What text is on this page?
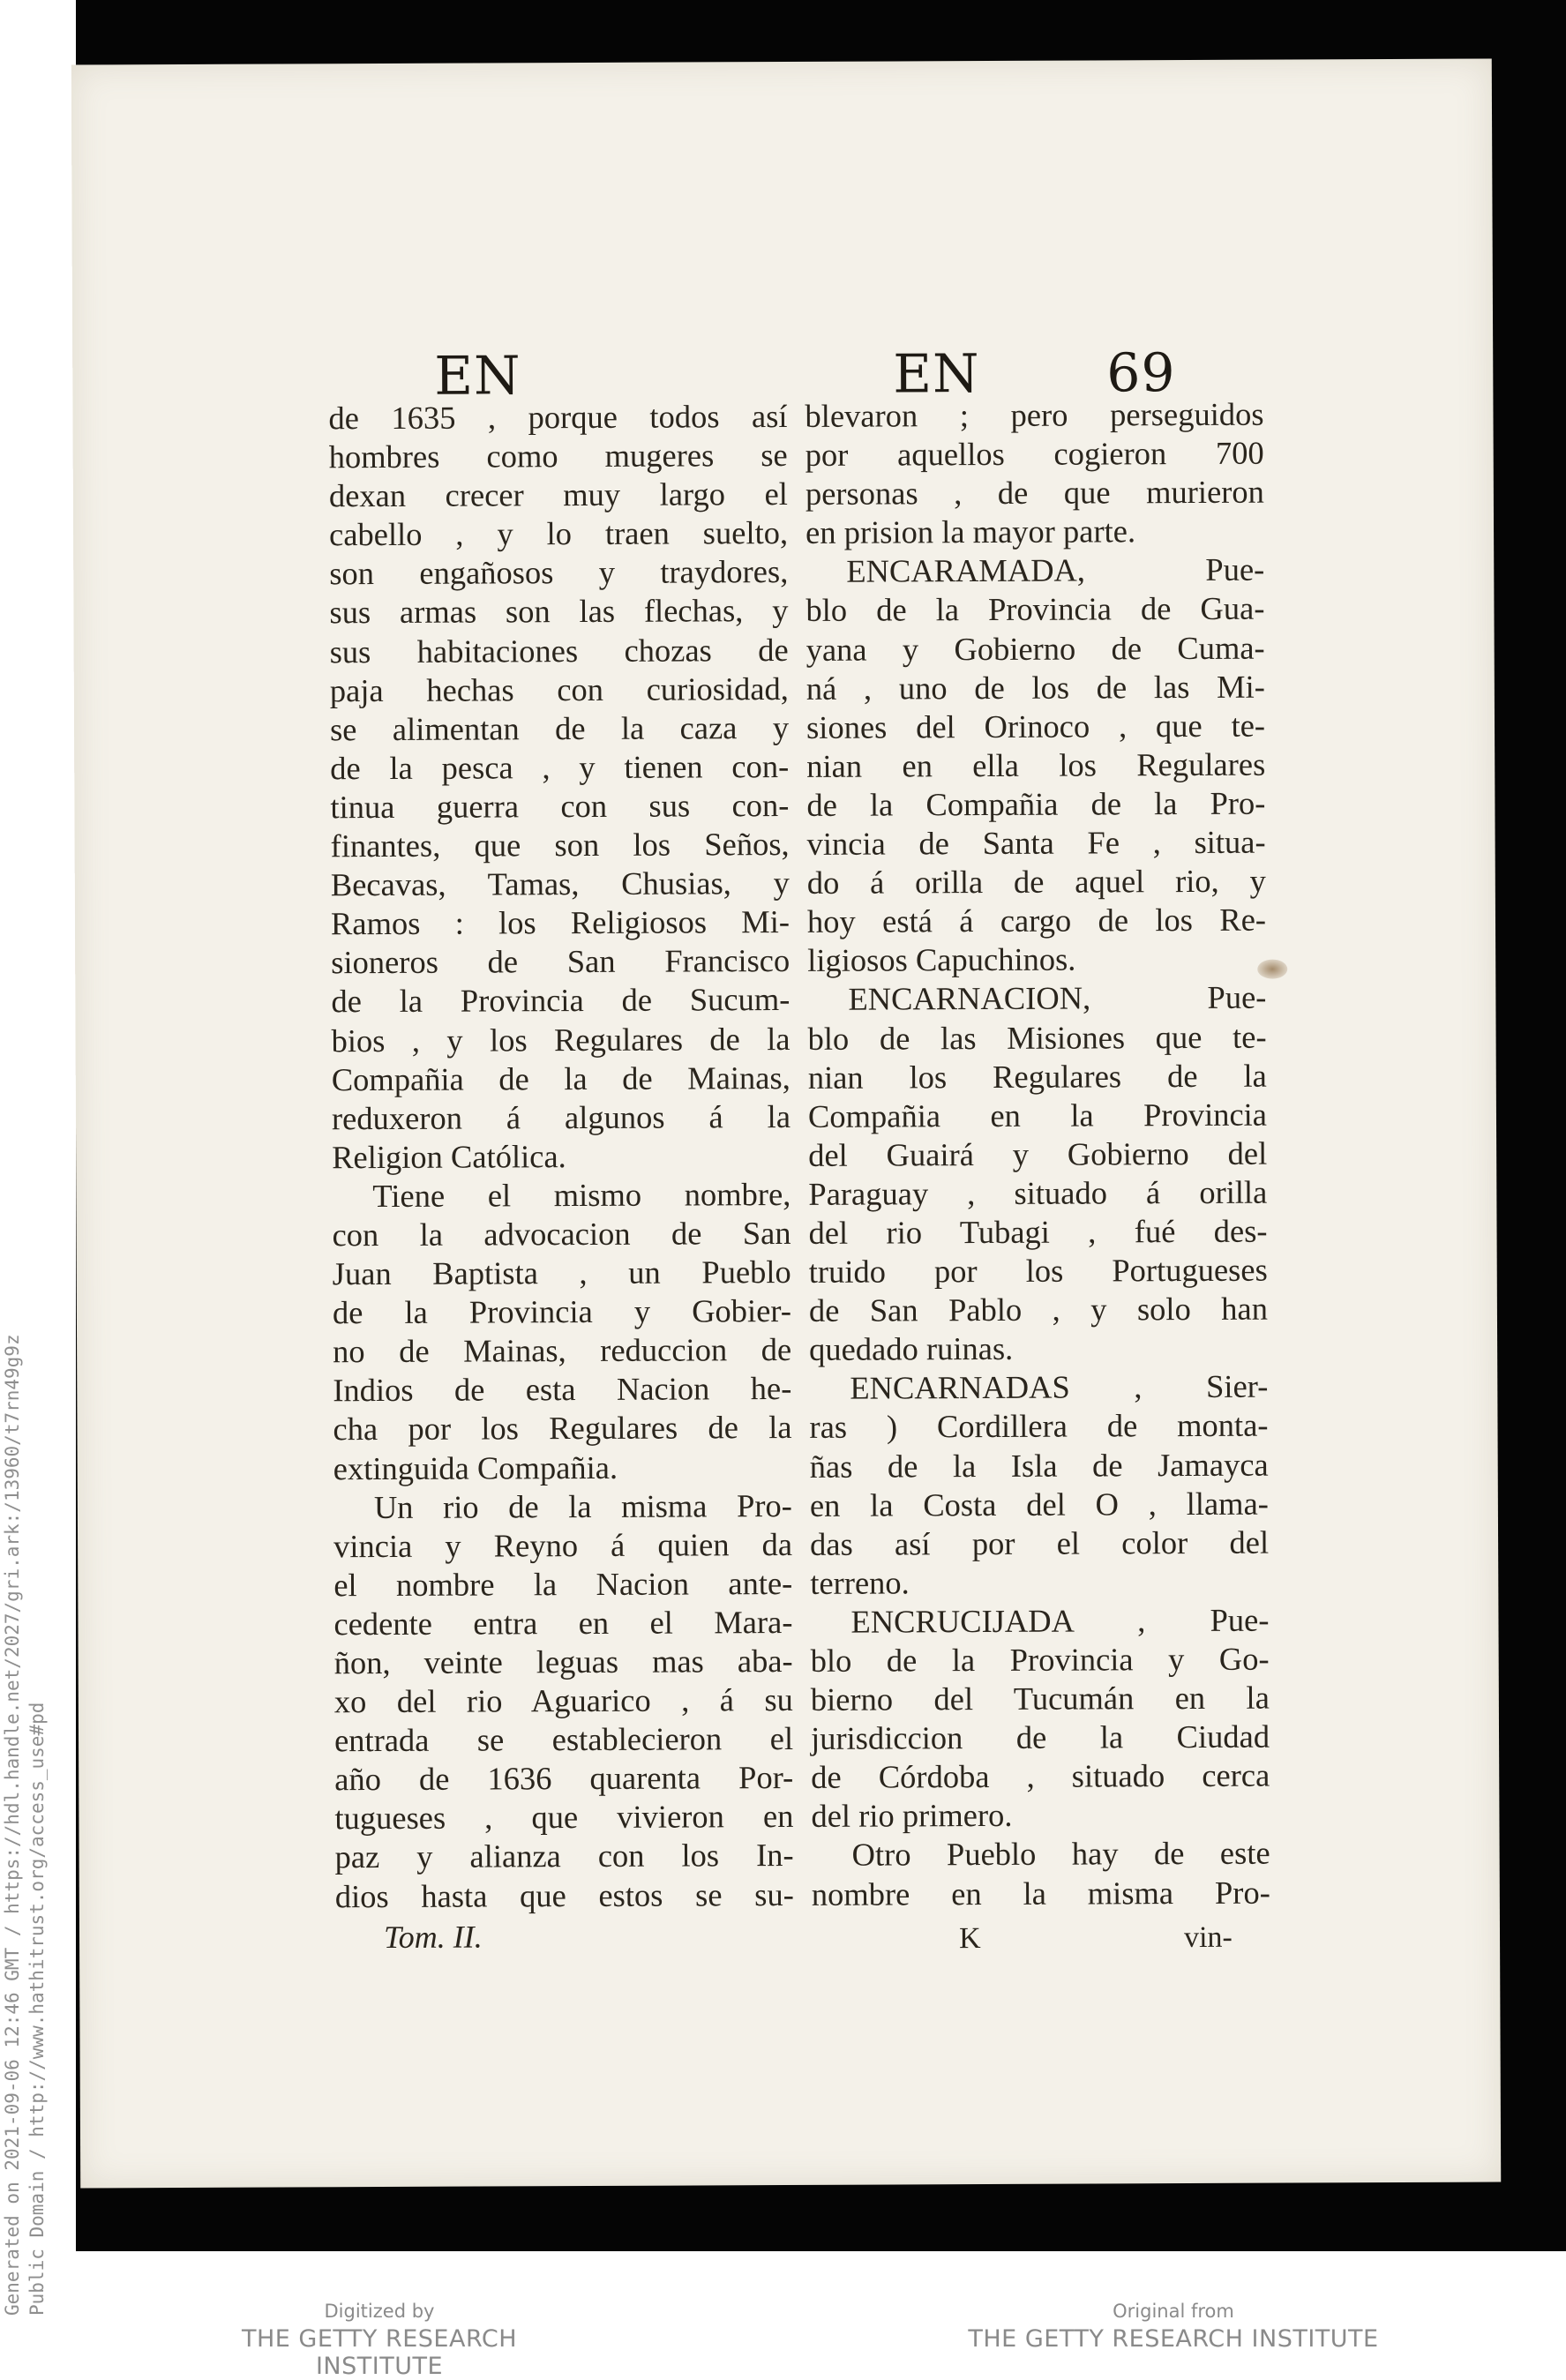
EN	EN 69
de 1635 , porque todos así
hombres como mugeres se
dexan crecer muy largo el
cabello , y lo traen suelto,
son engañosos y traydores,
sus armas son las flechas, y
sus habitaciones chozas de
paja hechas con curiosidad,
se alimentan de la caza y
de la pesca , y tienen con-
tinua guerra con sus con-
finantes, que son los Seños,
Becavas, Tamas, Chusias, y
Ramos : los Religiosos Mi-
sioneros de San Francisco
de la Provincia de Sucum-
bios , y los Regulares de la
Compañia de la de Mainas,
reduxeron á algunos á la
Religion Católica.
Tiene el mismo nombre,
con la advocacion de San
Juan Baptista , un Pueblo
de la Provincia y Gobier-
no de Mainas, reduccion de
Indios de esta Nacion he-
cha por los Regulares de la
extinguida Compañia.
Un rio de la misma Pro-
vincia y Reyno á quien da
el nombre la Nacion ante-
cedente entra en el Mara-
ñon, veinte leguas mas aba-
xo del rio Aguarico , á su
entrada se establecieron el
año de 1636 quarenta Por-
tugueses , que vivieron en
paz y alianza con los In-
dios hasta que estos se su-
blevaron ; pero perseguidos
por aquellos cogieron 700
personas , de que murieron
en prision la mayor parte.
ENCARAMADA, Pue-
blo de la Provincia de Gua-
yana y Gobierno de Cuma-
ná , uno de los de las Mi-
siones del Orinoco , que te-
nian en ella los Regulares
de la Compañia de la Pro-
vincia de Santa Fe , situa-
do á orilla de aquel rio, y
hoy está á cargo de los Re-
ligiosos Capuchinos.
ENCARNACION, Pue-
blo de las Misiones que te-
nian los Regulares de la
Compañia en la Provincia
del Guairá y Gobierno del
Paraguay , situado á orilla
del rio Tubagi , fué des-
truido por los Portugueses
de San Pablo , y solo han
quedado ruinas.
ENCARNADAS , Sier-
ras ) Cordillera de monta-
ñas de la Isla de Jamayca
en la Costa del O , llama-
das así por el color del
terreno.
ENCRUCIJADA , Pue-
blo de la Provincia y Go-
bierno del Tucumán en la
jurisdiccion de la Ciudad
de Córdoba , situado cerca
del rio primero.
Otro Pueblo hay de este
nombre en la misma Pro-
Tom. II.	K	vin-
Generated on 2021-09-06 12:46 GMT / https://hdl.handle.net/2027/gri.ark:/13960/t7rn49g9z Public Domain / http://www.hathitrust.org/access_use#pd	Digitized by
THE GETTY RESEARCH INSTITUTE
Original from
THE GETTY RESEARCH INSTITUTE
